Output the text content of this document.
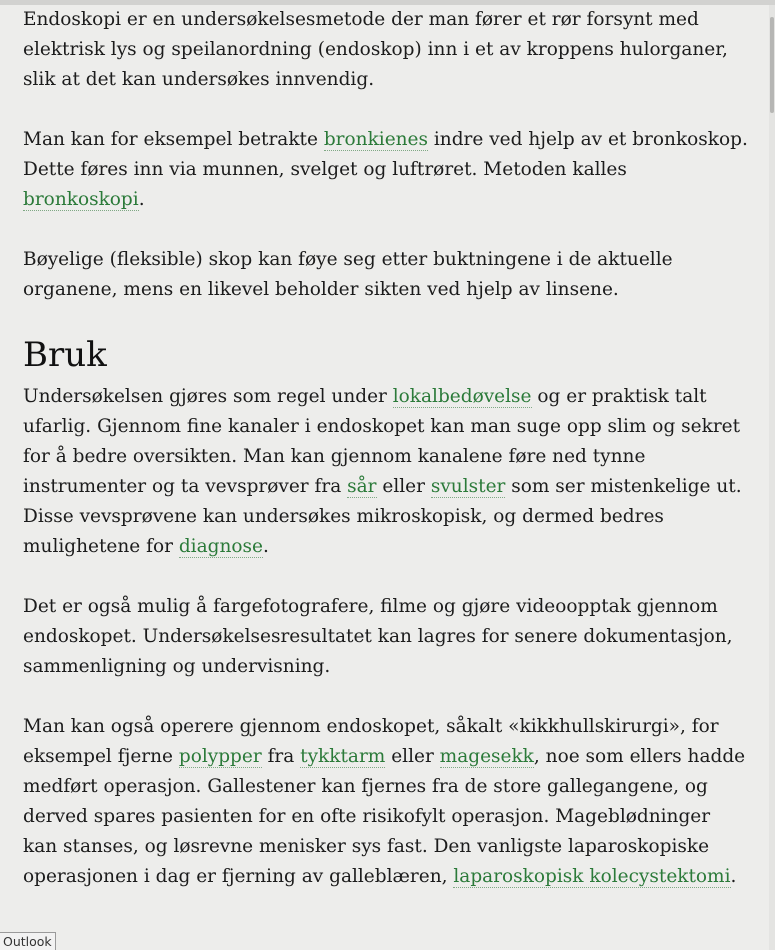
Endoskopi er en undersøkelsesmetode der man fører et rør forsynt med elektrisk lys og speilanordning (endoskop) inn i et av kroppens hulorganer, slik at det kan undersøkes innvendig.

Man kan for eksempel betrakte bronkienes indre ved hjelp av et bronkoskop. Dette føres inn via munnen, svelget og luftrøret. Metoden kalles bronkoskopi.

Bøyelige (fleksible) skop kan føye seg etter buktningene i de aktuelle organene, mens en likevel beholder sikten ved hjelp av linsene.

Bruk

Undersøkelsen gjøres som regel under lokalbedøvelse og er praktisk talt ufarlig. Gjennom fine kanaler i endoskopet kan man suge opp slim og sekret for å bedre oversikten. Man kan gjennom kanalene føre ned tynne instrumenter og ta vevsprøver fra sår eller svulster som ser mistenkelige ut. Disse vevsprøvene kan undersøkes mikroskopisk, og dermed bedres mulighetene for diagnose.

Det er også mulig å fargefotografere, filme og gjøre videoopptak gjennom endoskopet. Undersøkelsesresultatet kan lagres for senere dokumentasjon, sammenligning og undervisning.

Man kan også operere gjennom endoskopet, såkalt «kikkhullskirurgi», for eksempel fjerne polypper fra tykktarm eller magesekk, noe som ellers hadde medført operasjon. Gallestener kan fjernes fra de store gallegangene, og derved spares pasienten for en ofte risikofylt operasjon. Mageblødninger kan stanses, og løsrevne menisker sys fast. Den vanligste laparoskopiske operasjonen i dag er fjerning av galleblæren, laparoskopisk kolecystektomi.

Outlook
